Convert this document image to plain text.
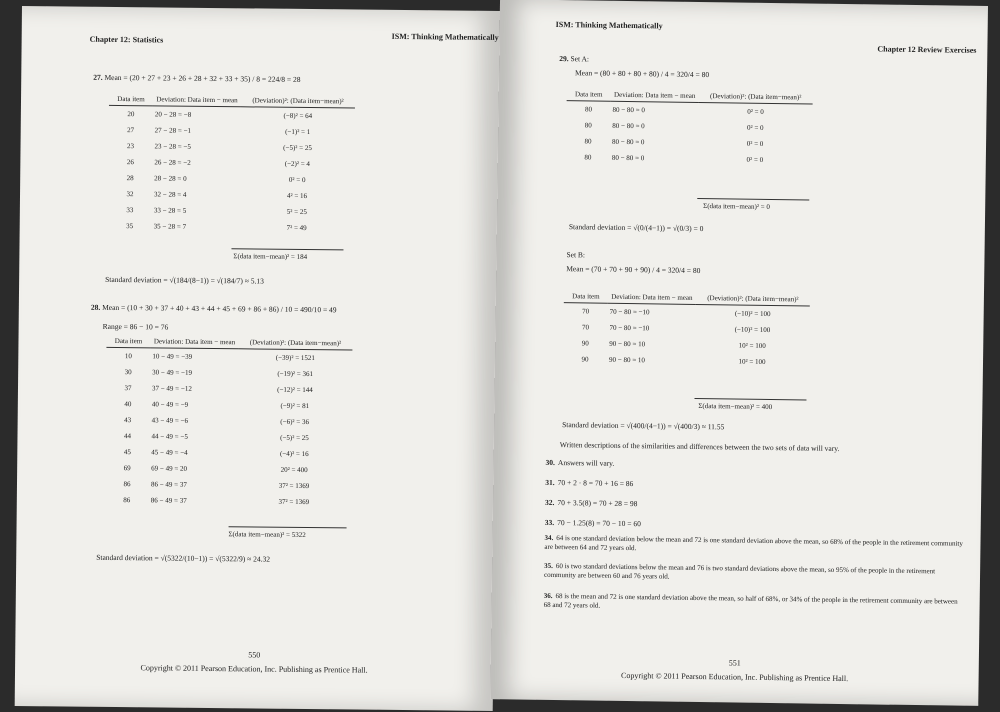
Chapter 12: Statistics	ISM: Thinking Mathematically
27. Mean = (20 + 27 + 23 + 26 + 28 + 32 + 33 + 35) / 8 = 224/8 = 28
Data item	Deviation: Data item − mean	(Deviation)²: (Data item−mean)²
20	20 − 28 = −8	(−8)² = 64
27	27 − 28 = −1	(−1)² = 1
23	23 − 28 = −5	(−5)² = 25
26	26 − 28 = −2	(−2)² = 4
28	28 − 28 = 0	0² = 0
32	32 − 28 = 4	4² = 16
33	33 − 28 = 5	5² = 25
35	35 − 28 = 7	7² = 49
Σ(data item−mean)² = 184
Standard deviation = √(184/(8−1)) = √(184/7) ≈ 5.13
28. Mean = (10 + 30 + 37 + 40 + 43 + 44 + 45 + 69 + 86 + 86) / 10 = 490/10 = 49
Range = 86 − 10 = 76
Data item	Deviation: Data item − mean	(Deviation)²: (Data item−mean)²
10	10 − 49 = −39	(−39)² = 1521
30	30 − 49 = −19	(−19)² = 361
37	37 − 49 = −12	(−12)² = 144
40	40 − 49 = −9	(−9)² = 81
43	43 − 49 = −6	(−6)² = 36
44	44 − 49 = −5	(−5)² = 25
45	45 − 49 = −4	(−4)² = 16
69	69 − 49 = 20	20² = 400
86	86 − 49 = 37	37² = 1369
86	86 − 49 = 37	37² = 1369
Σ(data item−mean)² = 5322
Standard deviation = √(5322/(10−1)) = √(5322/9) ≈ 24.32
550
Copyright © 2011 Pearson Education, Inc. Publishing as Prentice Hall.
ISM: Thinking Mathematically
Chapter 12 Review Exercises
29. Set A:
Mean = (80 + 80 + 80 + 80) / 4 = 320/4 = 80
Data item	Deviation: Data item − mean	(Deviation)²: (Data item−mean)²
80	80 − 80 = 0	0² = 0
80	80 − 80 = 0	0² = 0
80	80 − 80 = 0	0² = 0
80	80 − 80 = 0	0² = 0
Σ(data item−mean)² = 0
Standard deviation = √(0/(4−1)) = √(0/3) = 0
Set B:
Mean = (70 + 70 + 90 + 90) / 4 = 320/4 = 80
Data item	Deviation: Data item − mean	(Deviation)²: (Data item−mean)²
70	70 − 80 = −10	(−10)² = 100
70	70 − 80 = −10	(−10)² = 100
90	90 − 80 = 10	10² = 100
90	90 − 80 = 10	10² = 100
Σ(data item−mean)² = 400
Standard deviation = √(400/(4−1)) = √(400/3) ≈ 11.55
Written descriptions of the similarities and differences between the two sets of data will vary.
30. Answers will vary.
31. 70 + 2 · 8 = 70 + 16 = 86
32. 70 + 3.5(8) = 70 + 28 = 98
33. 70 − 1.25(8) = 70 − 10 = 60
34. 64 is one standard deviation below the mean and 72 is one standard deviation above the mean, so 68% of the people in the retirement community are between 64 and 72 years old.
35. 60 is two standard deviations below the mean and 76 is two standard deviations above the mean, so 95% of the people in the retirement community are between 60 and 76 years old.
36. 68 is the mean and 72 is one standard deviation above the mean, so half of 68%, or 34% of the people in the retirement community are between 68 and 72 years old.
551
Copyright © 2011 Pearson Education, Inc. Publishing as Prentice Hall.
